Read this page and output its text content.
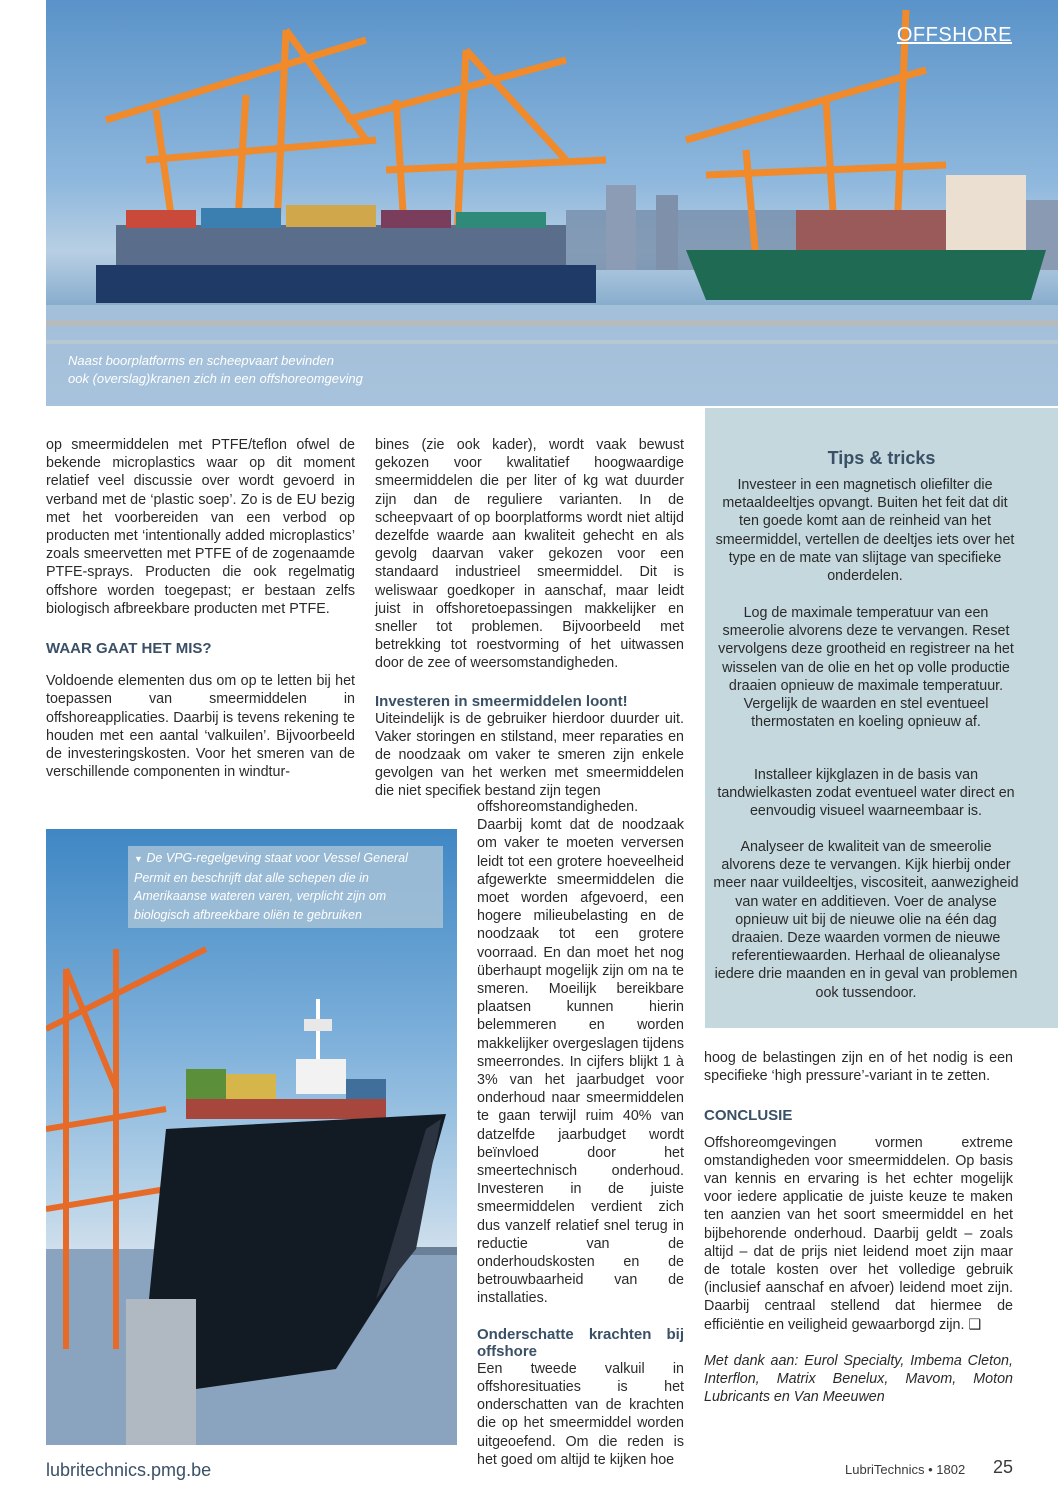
OFFSHORE
Naast boorplatforms en scheepvaart bevinden
ook (overslag)kranen zich in een offshoreomgeving

op smeermiddelen met PTFE/teflon ofwel de bekende microplastics waar op dit moment relatief veel discussie over wordt gevoerd in verband met de ‘plastic soep’. Zo is de EU bezig met het voorbereiden van een verbod op producten met ‘intentionally added microplastics’ zoals smeervetten met PTFE of de zogenaamde PTFE-sprays. Producten die ook regelmatig offshore worden toegepast; er bestaan zelfs biologisch afbreekbare producten met PTFE.

WAAR GAAT HET MIS?

Voldoende elementen dus om op te letten bij het toepassen van smeermiddelen in offshoreapplicaties. Daarbij is tevens rekening te houden met een aantal ‘valkuilen’. Bijvoorbeeld de investeringskosten. Voor het smeren van de verschillende componenten in windtur-

bines (zie ook kader), wordt vaak bewust gekozen voor kwalitatief hoogwaardige smeermiddelen die per liter of kg wat duurder zijn dan de reguliere varianten. In de scheepvaart of op boorplatforms wordt niet altijd dezelfde waarde aan kwaliteit gehecht en als gevolg daarvan vaker gekozen voor een standaard industrieel smeermiddel. Dit is weliswaar goedkoper in aanschaf, maar leidt juist in offshoretoepassingen makkelijker en sneller tot problemen. Bijvoorbeeld met betrekking tot roestvorming of het uitwassen door de zee of weersomstandigheden.

Investeren in smeermiddelen loont!

Uiteindelijk is de gebruiker hierdoor duurder uit. Vaker storingen en stilstand, meer reparaties en de noodzaak om vaker te smeren zijn enkele gevolgen van het werken met smeermiddelen die niet specifiek bestand zijn tegen

offshoreomstandigheden. Daarbij komt dat de noodzaak om vaker te moeten verversen leidt tot een grotere hoeveelheid afgewerkte smeermiddelen die moet worden afgevoerd, een hogere milieubelasting en de noodzaak tot een grotere voorraad. En dan moet het nog überhaupt mogelijk zijn om na te smeren. Moeilijk bereikbare plaatsen kunnen hierin belemmeren en worden makkelijker overgeslagen tijdens smeerrondes. In cijfers blijkt 1 à 3% van het jaarbudget voor onderhoud naar smeermiddelen te gaan terwijl ruim 40% van datzelfde jaarbudget wordt beïnvloed door het smeertechnisch onderhoud. Investeren in de juiste smeermiddelen verdient zich dus vanzelf relatief snel terug in reductie van de onderhoudskosten en de betrouwbaarheid van de installaties.

Onderschatte krachten bij offshore

Een tweede valkuil in offshoresituaties is het onderschatten van de krachten die op het smeermiddel worden uitgeoefend. Om die reden is het goed om altijd te kijken hoe

▼ De VPG-regelgeving staat voor Vessel General Permit en beschrijft dat alle schepen die in Amerikaanse wateren varen, verplicht zijn om biologisch afbreekbare oliën te gebruiken
Tips & tricks

Investeer in een magnetisch oliefilter die metaaldeeltjes opvangt. Buiten het feit dat dit ten goede komt aan de reinheid van het smeermiddel, vertellen de deeltjes iets over het type en de mate van slijtage van specifieke onderdelen.

Log de maximale temperatuur van een smeerolie alvorens deze te vervangen. Reset vervolgens deze grootheid en registreer na het wisselen van de olie en het op volle productie draaien opnieuw de maximale temperatuur. Vergelijk de waarden en stel eventueel thermostaten en koeling opnieuw af.

Installeer kijkglazen in de basis van tandwielkasten zodat eventueel water direct en eenvoudig visueel waarneembaar is.

Analyseer de kwaliteit van de smeerolie alvorens deze te vervangen. Kijk hierbij onder meer naar vuildeeltjes, viscositeit, aanwezigheid van water en additieven. Voer de analyse opnieuw uit bij de nieuwe olie na één dag draaien. Deze waarden vormen de nieuwe referentiewaarden. Herhaal de olieanalyse iedere drie maanden en in geval van problemen ook tussendoor.

hoog de belastingen zijn en of het nodig is een specifieke ‘high pressure’-variant in te zetten.

CONCLUSIE

Offshoreomgevingen vormen extreme omstandigheden voor smeermiddelen. Op basis van kennis en ervaring is het echter mogelijk voor iedere applicatie de juiste keuze te maken ten aanzien van het soort smeermiddel en het bijbehorende onderhoud. Daarbij geldt – zoals altijd – dat de prijs niet leidend moet zijn maar de totale kosten over het volledige gebruik (inclusief aanschaf en afvoer) leidend moet zijn. Daarbij centraal stellend dat hiermee de efficiëntie en veiligheid gewaarborgd zijn. ❑

Met dank aan: Eurol Specialty, Imbema Cleton, Interflon, Matrix Benelux, Mavom, Moton Lubricants en Van Meeuwen

lubritechnics.pmg.be	LubriTechnics • 1802 25
